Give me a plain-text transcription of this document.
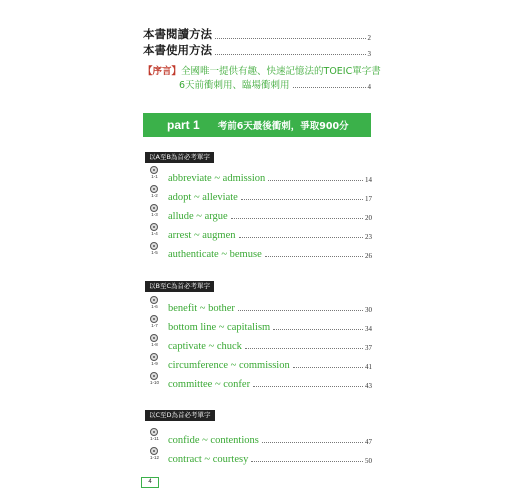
本書閱讀方法	2
本書使用方法	3
【序言】 全國唯一提供有趣、快速記憶法的TOEIC單字書
6天前衝刺用、臨場衝刺用	4
part 1 考前6天最後衝刺，爭取900分
以A至B為首必考單字
1-1 abbreviate ~ admission	14
1-2 adopt ~ alleviate	17
1-3 allude ~ argue	20
1-4 arrest ~ augmen	23
1-5 authenticate ~ bemuse	26
以B至C為首必考單字
1-6 benefit ~ bother	30
1-7 bottom line ~ capitalism	34
1-8 captivate ~ chuck	37
1-9 circumference ~ commission	41
1-10 committee ~ confer	43
以C至D為首必考單字
1-11 confide ~ contentions	47
1-12 contract ~ courtesy	50
4
